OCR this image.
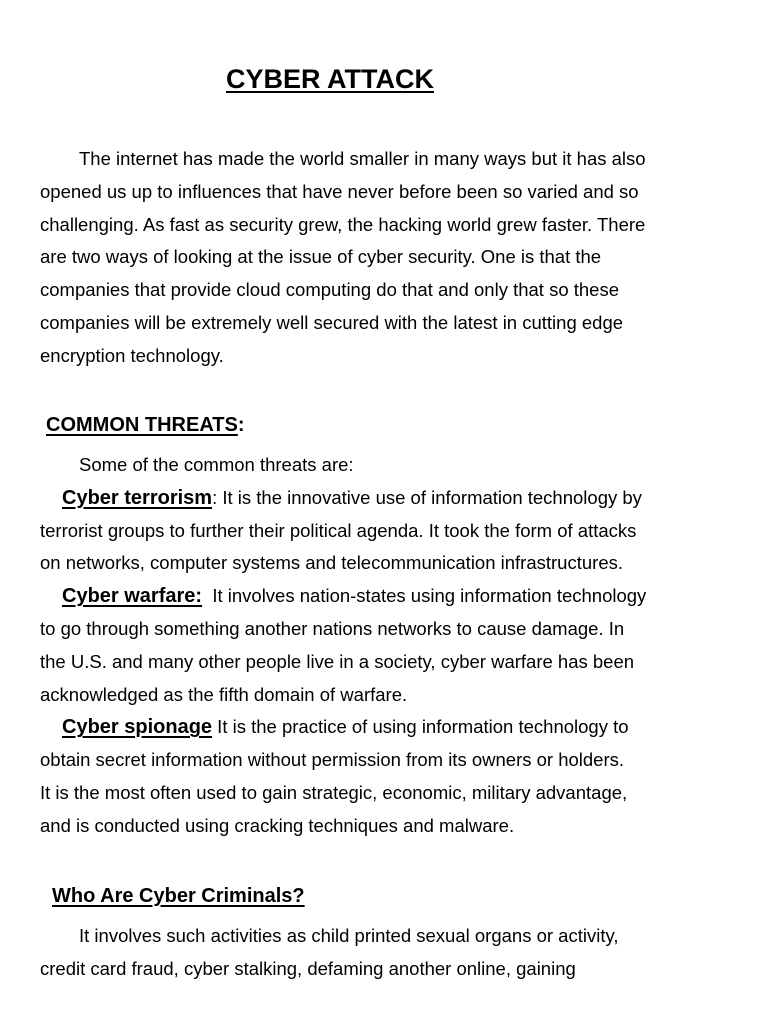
CYBER ATTACK
The internet has made the world smaller in many ways but it has also
opened us up to influences that have never before been so varied and so
challenging. As fast as security grew, the hacking world grew faster. There
are two ways of looking at the issue of cyber security. One is that the
companies that provide cloud computing do that and only that so these
companies will be extremely well secured with the latest in cutting edge
encryption technology.
COMMON THREATS:
Some of the common threats are:
Cyber terrorism: It is the innovative use of information technology by
terrorist groups to further their political agenda. It took the form of attacks
on networks, computer systems and telecommunication infrastructures.
Cyber warfare:  It involves nation-states using information technology
to go through something another nations networks to cause damage. In
the U.S. and many other people live in a society, cyber warfare has been
acknowledged as the fifth domain of warfare.
Cyber spionage It is the practice of using information technology to
obtain secret information without permission from its owners or holders.
It is the most often used to gain strategic, economic, military advantage,
and is conducted using cracking techniques and malware.
Who Are Cyber Criminals?
It involves such activities as child printed sexual organs or activity,
credit card fraud, cyber stalking, defaming another online, gaining
